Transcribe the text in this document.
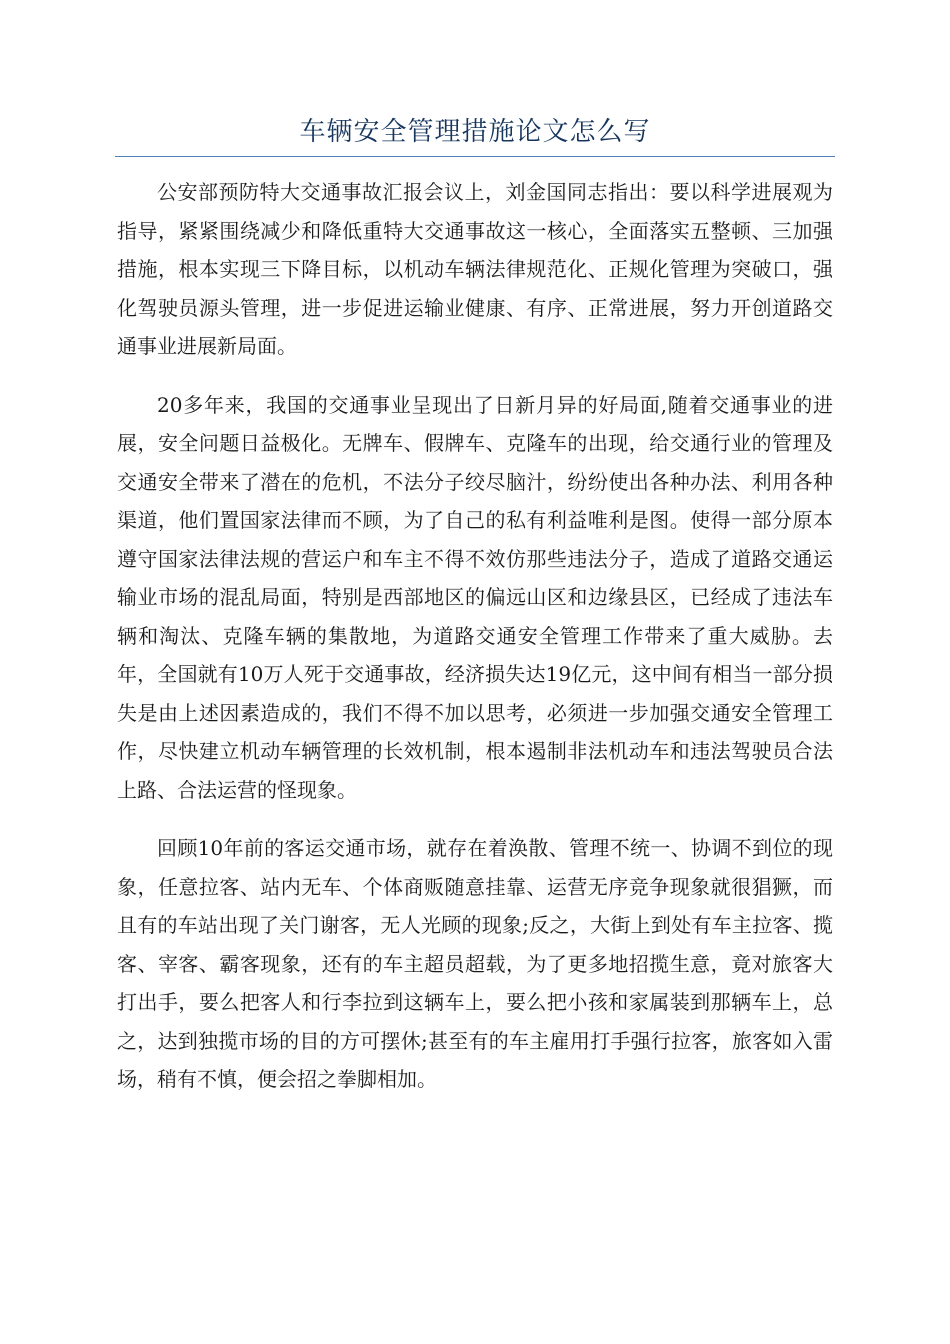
车辆安全管理措施论文怎么写

公安部预防特大交通事故汇报会议上，刘金国同志指出：要以科学进展观为指导，紧紧围绕减少和降低重特大交通事故这一核心，全面落实五整顿、三加强措施，根本实现三下降目标，以机动车辆法律规范化、正规化管理为突破口，强化驾驶员源头管理，进一步促进运输业健康、有序、正常进展，努力开创道路交通事业进展新局面。

20多年来，我国的交通事业呈现出了日新月异的好局面,随着交通事业的进展，安全问题日益极化。无牌车、假牌车、克隆车的出现，给交通行业的管理及交通安全带来了潜在的危机，不法分子绞尽脑汁，纷纷使出各种办法、利用各种渠道，他们置国家法律而不顾，为了自己的私有利益唯利是图。使得一部分原本遵守国家法律法规的营运户和车主不得不效仿那些违法分子，造成了道路交通运输业市场的混乱局面，特别是西部地区的偏远山区和边缘县区，已经成了违法车辆和淘汰、克隆车辆的集散地，为道路交通安全管理工作带来了重大威胁。去年，全国就有10万人死于交通事故，经济损失达19亿元，这中间有相当一部分损失是由上述因素造成的，我们不得不加以思考，必须进一步加强交通安全管理工作，尽快建立机动车辆管理的长效机制，根本遏制非法机动车和违法驾驶员合法上路、合法运营的怪现象。

回顾10年前的客运交通市场，就存在着涣散、管理不统一、协调不到位的现象，任意拉客、站内无车、个体商贩随意挂靠、运营无序竞争现象就很猖獗，而且有的车站出现了关门谢客，无人光顾的现象;反之，大街上到处有车主拉客、揽客、宰客、霸客现象，还有的车主超员超载，为了更多地招揽生意，竟对旅客大打出手，要么把客人和行李拉到这辆车上，要么把小孩和家属装到那辆车上，总之，达到独揽市场的目的方可摆休;甚至有的车主雇用打手强行拉客，旅客如入雷场，稍有不慎，便会招之拳脚相加。
